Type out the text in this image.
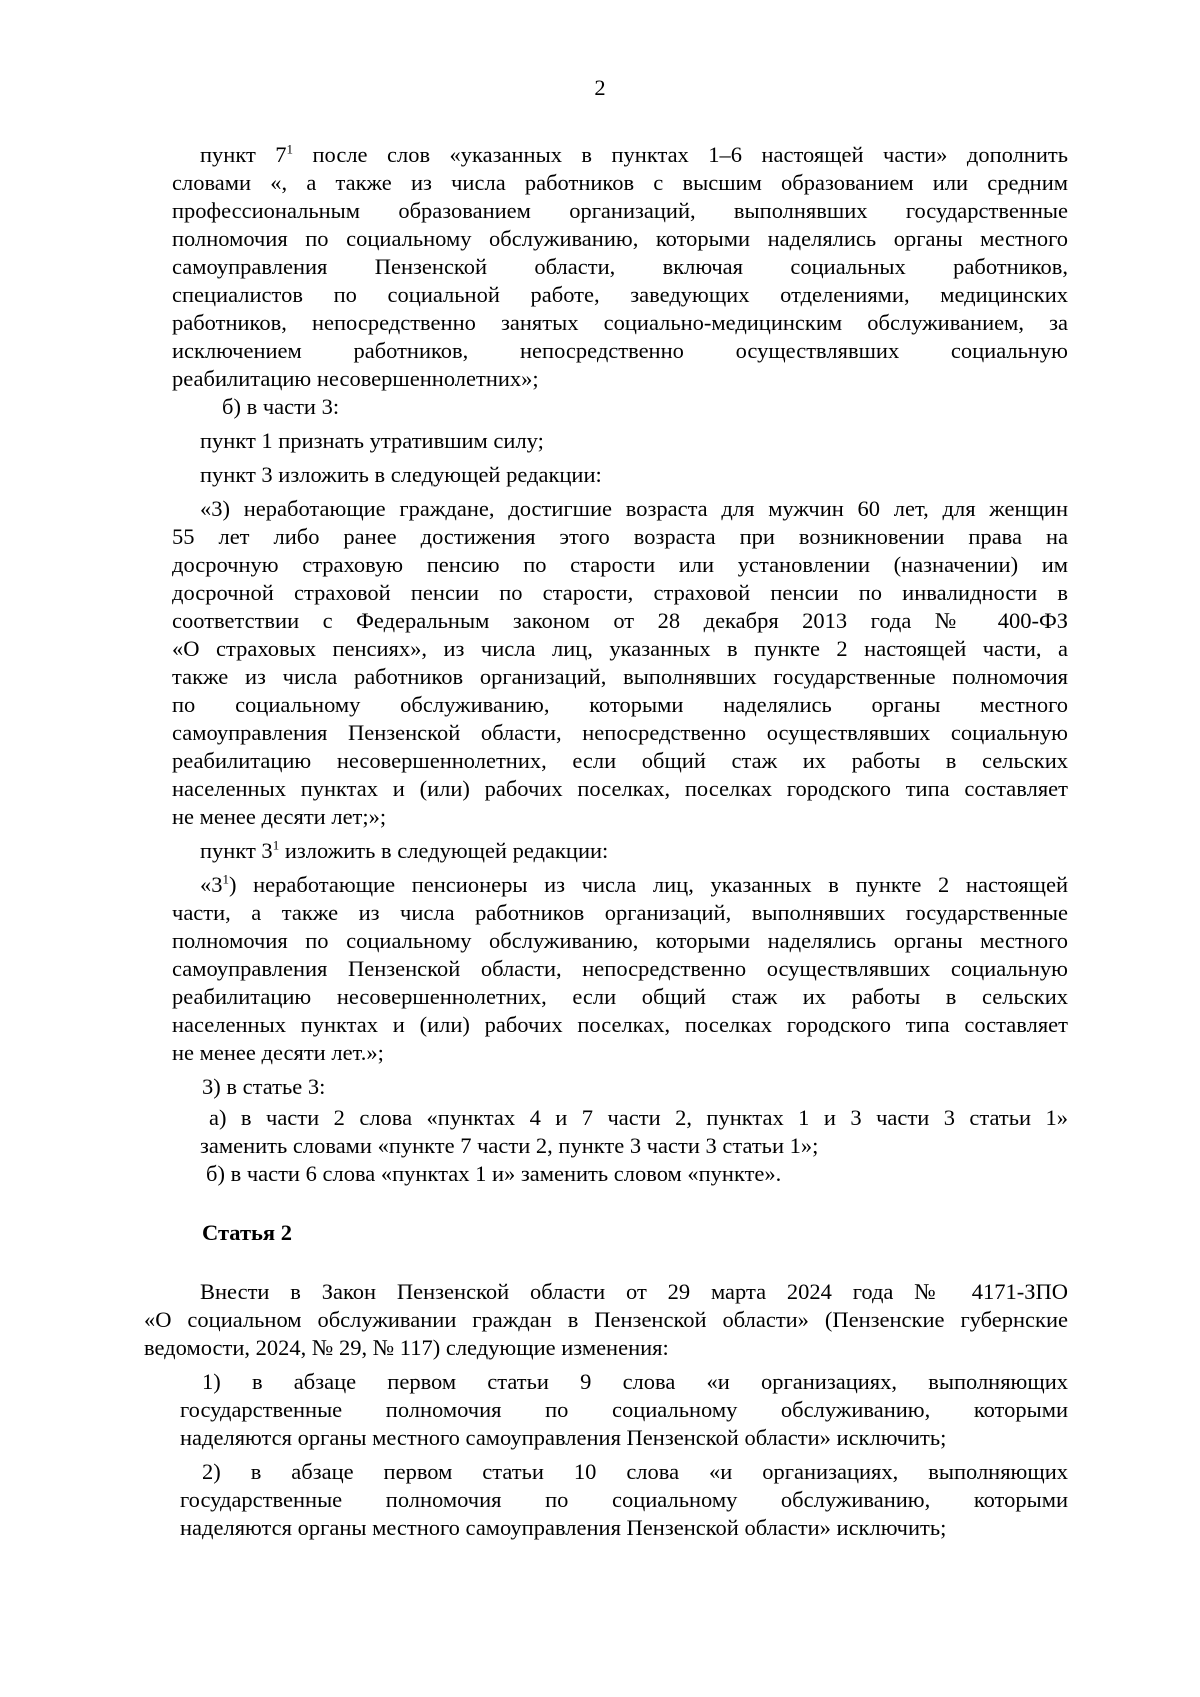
2
пункт $7^1$ после слов «указанных в пунктах 1–6 настоящей части» дополнить
словами «, а также из числа работников с высшим образованием или средним
профессиональным образованием организаций, выполнявших государственные
полномочия по социальному обслуживанию, которыми наделялись органы местного
самоуправления Пензенской области, включая социальных работников,
специалистов по социальной работе, заведующих отделениями, медицинских
работников, непосредственно занятых социально-медицинским обслуживанием, за
исключением работников, непосредственно осуществлявших социальную
реабилитацию несовершеннолетних»;
б) в части 3:
пункт 1 признать утратившим силу;
пункт 3 изложить в следующей редакции:
«3) неработающие граждане, достигшие возраста для мужчин 60 лет, для женщин
55 лет либо ранее достижения этого возраста при возникновении права на
досрочную страховую пенсию по старости или установлении (назначении) им
досрочной страховой пенсии по старости, страховой пенсии по инвалидности в
соответствии с Федеральным законом от 28 декабря 2013 года № 400-ФЗ
«О страховых пенсиях», из числа лиц, указанных в пункте 2 настоящей части, а
также из числа работников организаций, выполнявших государственные полномочия
по социальному обслуживанию, которыми наделялись органы местного
самоуправления Пензенской области, непосредственно осуществлявших социальную
реабилитацию несовершеннолетних, если общий стаж их работы в сельских
населенных пунктах и (или) рабочих поселках, поселках городского типа составляет
не менее десяти лет;»;
пункт $3^1$ изложить в следующей редакции:
«$3^1$) неработающие пенсионеры из числа лиц, указанных в пункте 2 настоящей
части, а также из числа работников организаций, выполнявших государственные
полномочия по социальному обслуживанию, которыми наделялись органы местного
самоуправления Пензенской области, непосредственно осуществлявших социальную
реабилитацию несовершеннолетних, если общий стаж их работы в сельских
населенных пунктах и (или) рабочих поселках, поселках городского типа составляет
не менее десяти лет.»;
3) в статье 3:
а) в части 2 слова «пунктах 4 и 7 части 2, пунктах 1 и 3 части 3 статьи 1»
заменить словами «пункте 7 части 2, пункте 3 части 3 статьи 1»;
б) в части 6 слова «пунктах 1 и» заменить словом «пункте».
Статья 2
Внести в Закон Пензенской области от 29 марта 2024 года № 4171-ЗПО
«О социальном обслуживании граждан в Пензенской области» (Пензенские губернские
ведомости, 2024, № 29, № 117) следующие изменения:
1) в абзаце первом статьи 9 слова «и организациях, выполняющих
государственные полномочия по социальному обслуживанию, которыми
наделяются органы местного самоуправления Пензенской области» исключить;
2) в абзаце первом статьи 10 слова «и организациях, выполняющих
государственные полномочия по социальному обслуживанию, которыми
наделяются органы местного самоуправления Пензенской области» исключить;
